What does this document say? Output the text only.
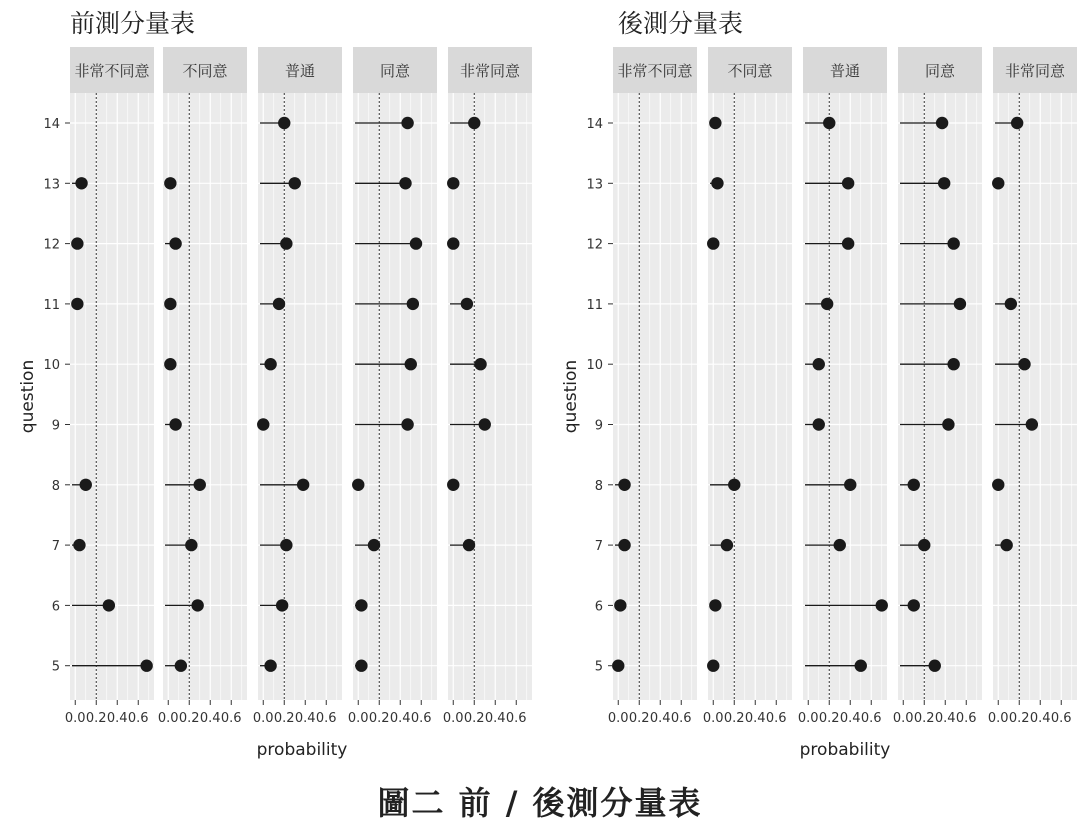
前測分量表
非常不同意
0.0 0.2 0.4 0.6
不同意
0.0 0.2 0.4 0.6
普通
0.0 0.2 0.4 0.6
同意
0.0 0.2 0.4 0.6
非常同意
0.0 0.2 0.4 0.6
14
13
12
11
10
9
8
7
6
5
probability
question
後測分量表
非常不同意
0.0 0.2 0.4 0.6
不同意
0.0 0.2 0.4 0.6
普通
0.0 0.2 0.4 0.6
同意
0.0 0.2 0.4 0.6
非常同意
0.0 0.2 0.4 0.6
14
13
12
11
10
9
8
7
6
5
probability
question
圖二 前 / 後測分量表
